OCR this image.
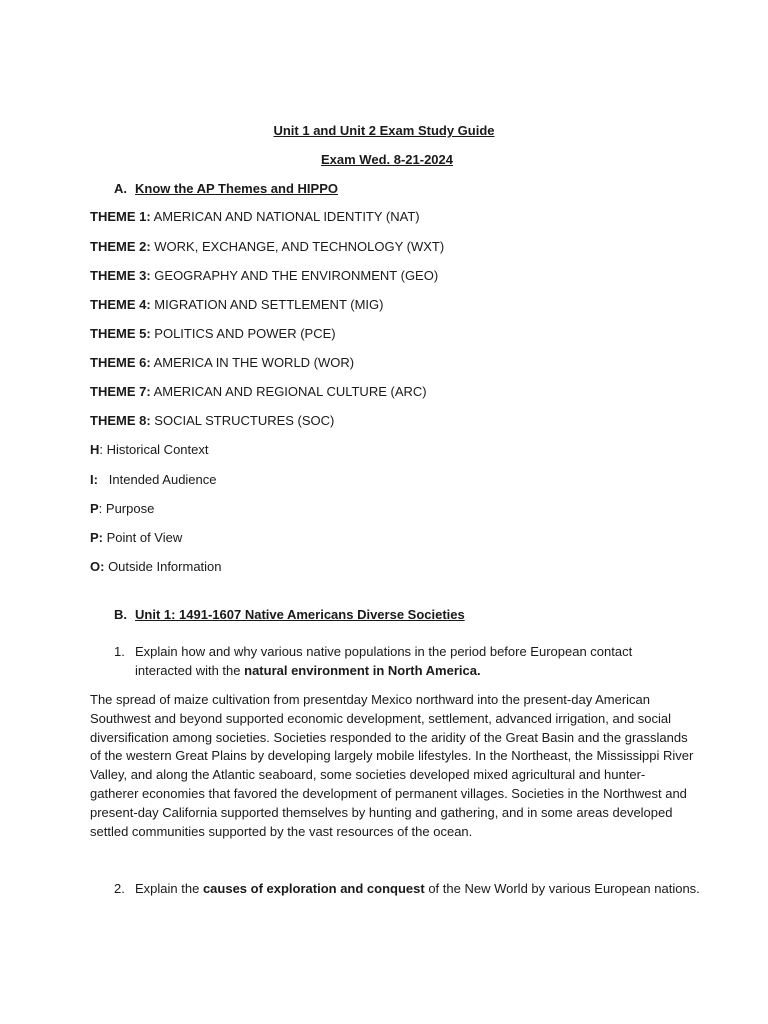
Unit 1 and Unit 2 Exam Study Guide
Exam Wed. 8-21-2024
A. Know the AP Themes and HIPPO
THEME 1: AMERICAN AND NATIONAL IDENTITY (NAT)
THEME 2: WORK, EXCHANGE, AND TECHNOLOGY (WXT)
THEME 3: GEOGRAPHY AND THE ENVIRONMENT (GEO)
THEME 4: MIGRATION AND SETTLEMENT (MIG)
THEME 5: POLITICS AND POWER (PCE)
THEME 6: AMERICA IN THE WORLD (WOR)
THEME 7: AMERICAN AND REGIONAL CULTURE (ARC)
THEME 8: SOCIAL STRUCTURES (SOC)
H: Historical Context
I:   Intended Audience
P: Purpose
P: Point of View
O: Outside Information
B. Unit 1: 1491-1607 Native Americans Diverse Societies
1. Explain how and why various native populations in the period before European contact
interacted with the natural environment in North America.
The spread of maize cultivation from presentday Mexico northward into the present-day American
Southwest and beyond supported economic development, settlement, advanced irrigation, and social
diversification among societies. Societies responded to the aridity of the Great Basin and the grasslands
of the western Great Plains by developing largely mobile lifestyles. In the Northeast, the Mississippi River
Valley, and along the Atlantic seaboard, some societies developed mixed agricultural and hunter-
gatherer economies that favored the development of permanent villages. Societies in the Northwest and
present-day California supported themselves by hunting and gathering, and in some areas developed
settled communities supported by the vast resources of the ocean.
2. Explain the causes of exploration and conquest of the New World by various European nations.
